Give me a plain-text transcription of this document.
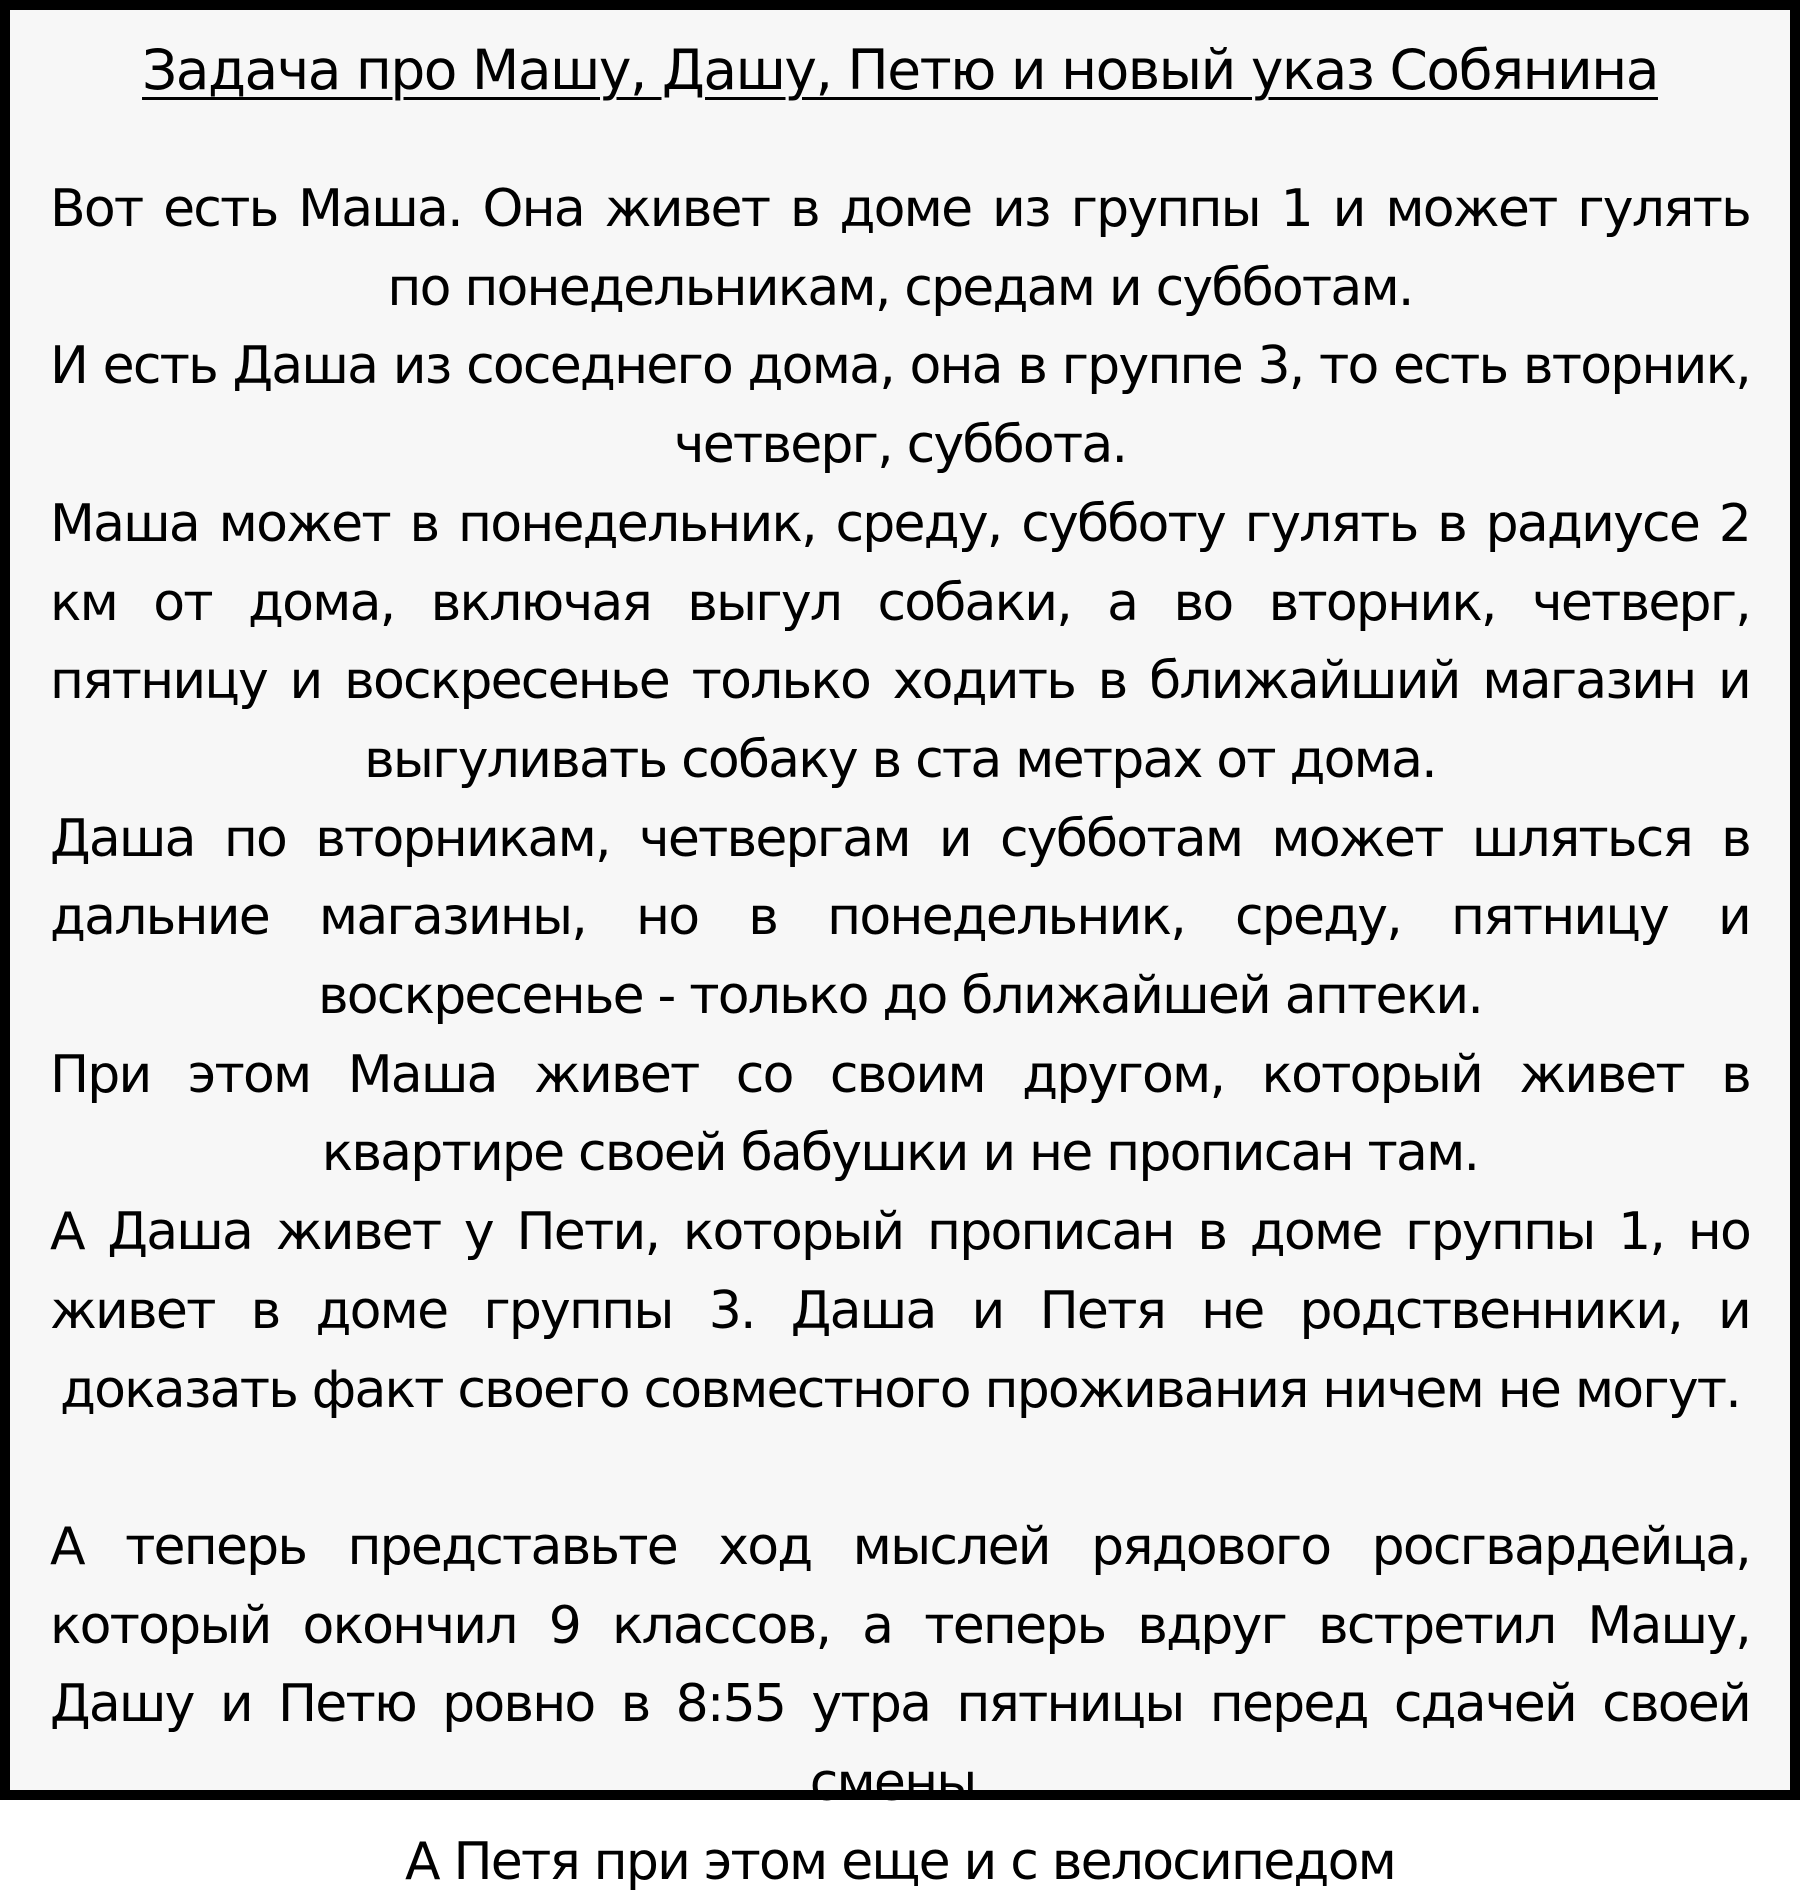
Задача про Машу, Дашу, Петю и новый указ Собянина

Вот есть Маша. Она живет в доме из группы 1 и может гулять по понедельникам, средам и субботам.

И есть Даша из соседнего дома, она в группе 3, то есть вторник, четверг, суббота.

Маша может в понедельник, среду, субботу гулять в радиусе 2 км от дома, включая выгул собаки, а во вторник, четверг, пятницу и воскресенье только ходить в ближайший магазин и выгуливать собаку в ста метрах от дома.

Даша по вторникам, четвергам и субботам может шляться в дальние магазины, но в понедельник, среду, пятницу и воскресенье - только до ближайшей аптеки.

При этом Маша живет со своим другом, который живет в квартире своей бабушки и не прописан там.

А Даша живет у Пети, который прописан в доме группы 1, но живет в доме группы 3. Даша и Петя не родственники, и доказать факт своего совместного проживания ничем не могут.

А теперь представьте ход мыслей рядового росгвардейца, который окончил 9 классов, а теперь вдруг встретил Машу, Дашу и Петю ровно в 8:55 утра пятницы перед сдачей своей смены.

А Петя при этом еще и с велосипедом
